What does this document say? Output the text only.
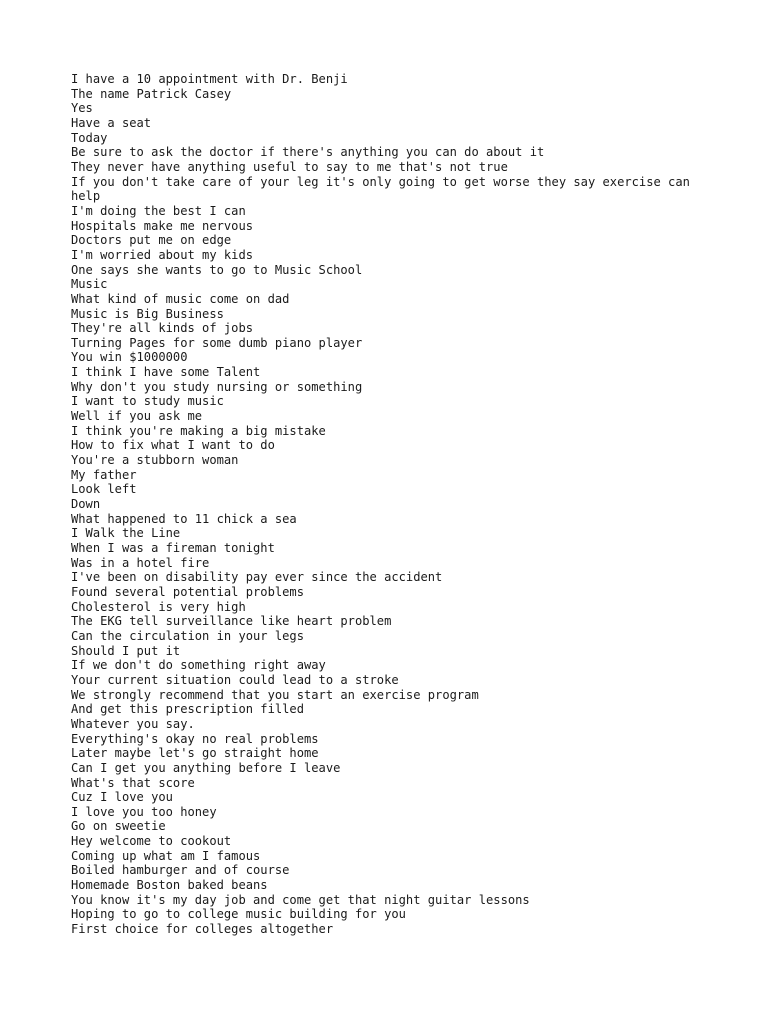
I have a 10 appointment with Dr. Benji
The name Patrick Casey
Yes
Have a seat
Today
Be sure to ask the doctor if there's anything you can do about it
They never have anything useful to say to me that's not true
If you don't take care of your leg it's only going to get worse they say exercise can help
I'm doing the best I can
Hospitals make me nervous
Doctors put me on edge
I'm worried about my kids
One says she wants to go to Music School
Music
What kind of music come on dad
Music is Big Business
They're all kinds of jobs
Turning Pages for some dumb piano player
You win $1000000
I think I have some Talent
Why don't you study nursing or something
I want to study music
Well if you ask me
I think you're making a big mistake
How to fix what I want to do
You're a stubborn woman
My father
Look left
Down
What happened to 11 chick a sea
I Walk the Line
When I was a fireman tonight
Was in a hotel fire
I've been on disability pay ever since the accident
Found several potential problems
Cholesterol is very high
The EKG tell surveillance like heart problem
Can the circulation in your legs
Should I put it
If we don't do something right away
Your current situation could lead to a stroke
We strongly recommend that you start an exercise program
And get this prescription filled
Whatever you say.
Everything's okay no real problems
Later maybe let's go straight home
Can I get you anything before I leave
What's that score
Cuz I love you
I love you too honey
Go on sweetie
Hey welcome to cookout
Coming up what am I famous
Boiled hamburger and of course
Homemade Boston baked beans
You know it's my day job and come get that night guitar lessons
Hoping to go to college music building for you
First choice for colleges altogether
